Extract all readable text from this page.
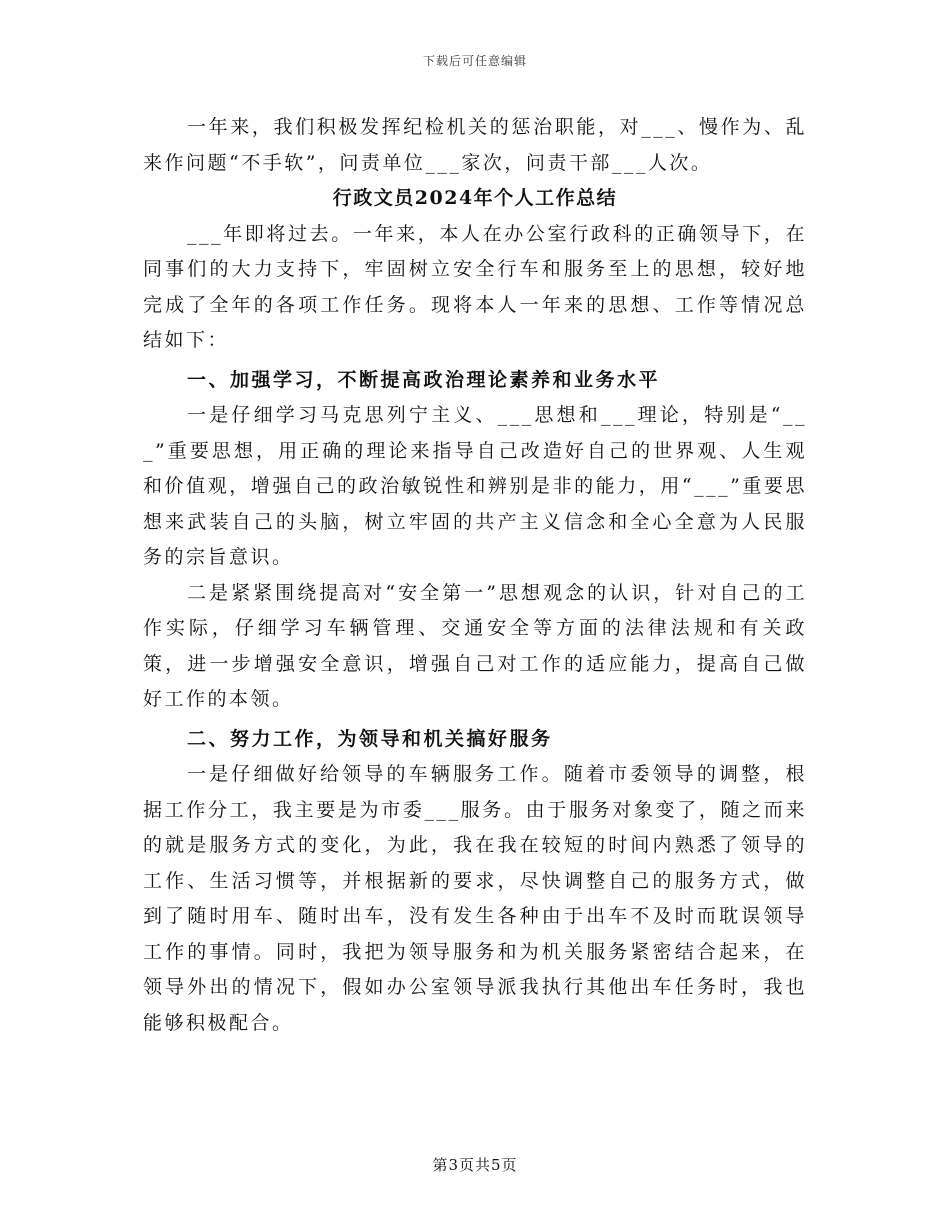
下载后可任意编辑

一年来，我们积极发挥纪检机关的惩治职能，对___、慢作为、乱来作问题“不手软”，问责单位___家次，问责干部___人次。

行政文员2024年个人工作总结

___年即将过去。一年来，本人在办公室行政科的正确领导下，在同事们的大力支持下，牢固树立安全行车和服务至上的思想，较好地完成了全年的各项工作任务。现将本人一年来的思想、工作等情况总结如下：

一、加强学习，不断提高政治理论素养和业务水平

一是仔细学习马克思列宁主义、___思想和___理论，特别是“___”重要思想，用正确的理论来指导自己改造好自己的世界观、人生观和价值观，增强自己的政治敏锐性和辨别是非的能力，用“___”重要思想来武装自己的头脑，树立牢固的共产主义信念和全心全意为人民服务的宗旨意识。

二是紧紧围绕提高对“安全第一”思想观念的认识，针对自己的工作实际，仔细学习车辆管理、交通安全等方面的法律法规和有关政策，进一步增强安全意识，增强自己对工作的适应能力，提高自己做好工作的本领。

二、努力工作，为领导和机关搞好服务

一是仔细做好给领导的车辆服务工作。随着市委领导的调整，根据工作分工，我主要是为市委___服务。由于服务对象变了，随之而来的就是服务方式的变化，为此，我在我在较短的时间内熟悉了领导的工作、生活习惯等，并根据新的要求，尽快调整自己的服务方式，做到了随时用车、随时出车，没有发生各种由于出车不及时而耽误领导工作的事情。同时，我把为领导服务和为机关服务紧密结合起来，在领导外出的情况下，假如办公室领导派我执行其他出车任务时，我也能够积极配合。

第3页共5页
